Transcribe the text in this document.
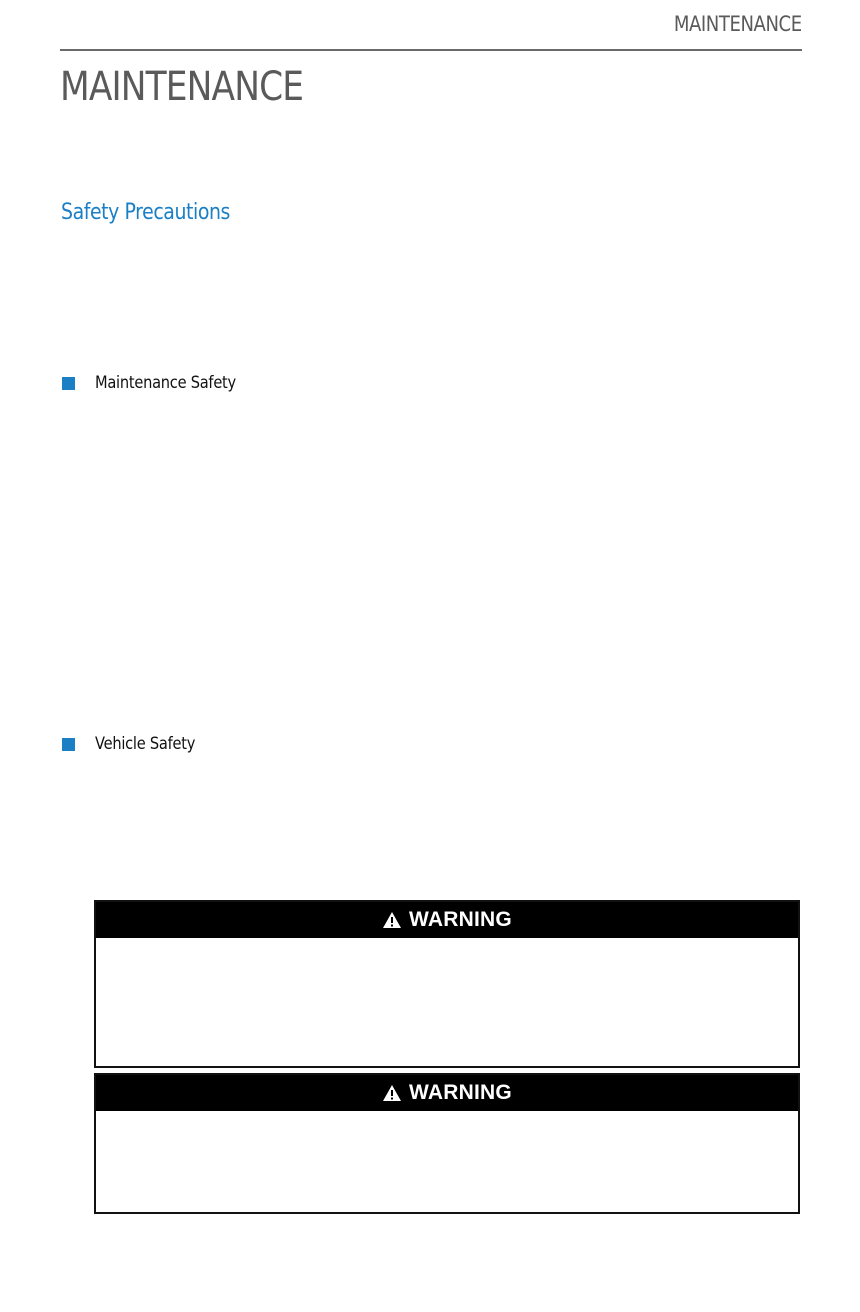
MAINTENANCE
MAINTENANCE
Safety Precautions
Maintenance Safety
Vehicle Safety
WARNING
WARNING
